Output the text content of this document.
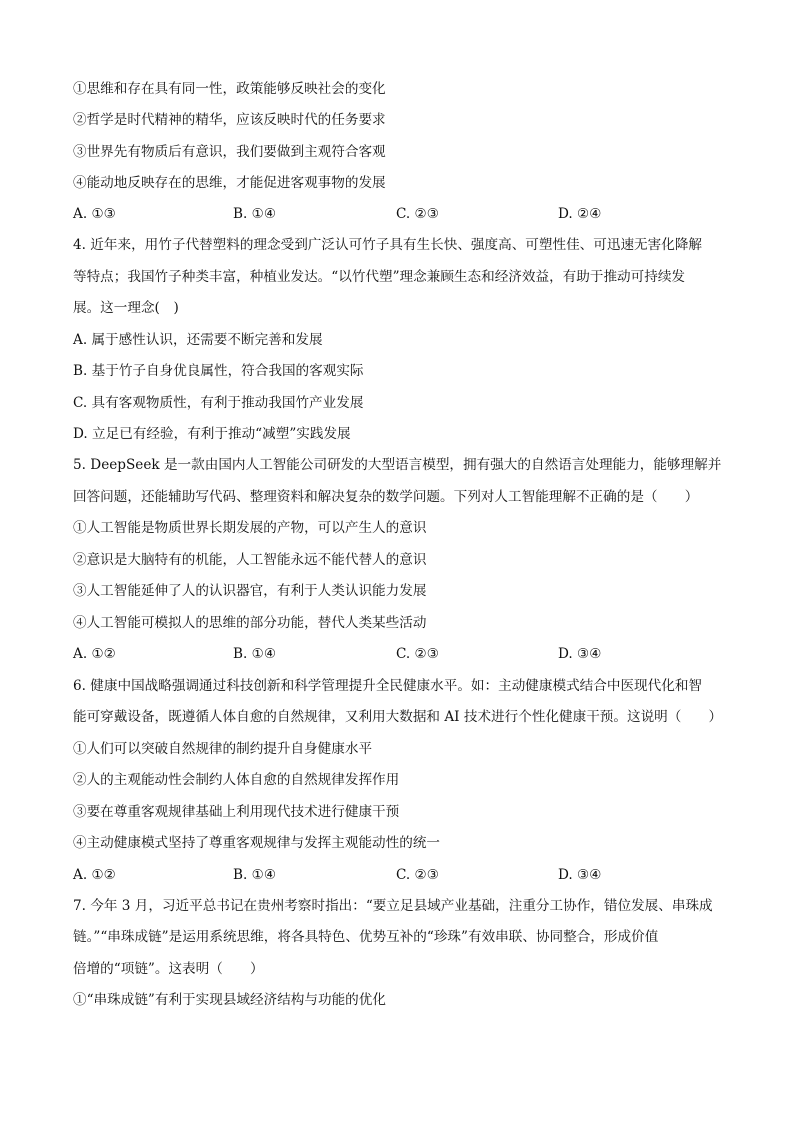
①思维和存在具有同一性，政策能够反映社会的变化
②哲学是时代精神的精华，应该反映时代的任务要求
③世界先有物质后有意识，我们要做到主观符合客观
④能动地反映存在的思维，才能促进客观事物的发展
A. ①③	B. ①④	C. ②③	D. ②④
4. 近年来，用竹子代替塑料的理念受到广泛认可竹子具有生长快、强度高、可塑性佳、可迅速无害化降解
等特点；我国竹子种类丰富，种植业发达。“以竹代塑”理念兼顾生态和经济效益，有助于推动可持续发
展。这一理念(　)
A. 属于感性认识，还需要不断完善和发展
B. 基于竹子自身优良属性，符合我国的客观实际
C. 具有客观物质性，有利于推动我国竹产业发展
D. 立足已有经验，有利于推动“减塑”实践发展
5. DeepSeek 是一款由国内人工智能公司研发的大型语言模型，拥有强大的自然语言处理能力，能够理解并
回答问题，还能辅助写代码、整理资料和解决复杂的数学问题。下列对人工智能理解不正确的是（　　）
①人工智能是物质世界长期发展的产物，可以产生人的意识
②意识是大脑特有的机能，人工智能永远不能代替人的意识
③人工智能延伸了人的认识器官，有利于人类认识能力发展
④人工智能可模拟人的思维的部分功能，替代人类某些活动
A. ①②	B. ①④	C. ②③	D. ③④
6. 健康中国战略强调通过科技创新和科学管理提升全民健康水平。如：主动健康模式结合中医现代化和智
能可穿戴设备，既遵循人体自愈的自然规律，又利用大数据和 AI 技术进行个性化健康干预。这说明（　　）
①人们可以突破自然规律的制约提升自身健康水平
②人的主观能动性会制约人体自愈的自然规律发挥作用
③要在尊重客观规律基础上利用现代技术进行健康干预
④主动健康模式坚持了尊重客观规律与发挥主观能动性的统一
A. ①②	B. ①④	C. ②③	D. ③④
7. 今年 3 月，习近平总书记在贵州考察时指出：“要立足县域产业基础，注重分工协作，错位发展、串珠成
链。”“串珠成链”是运用系统思维，将各具特色、优势互补的“珍珠”有效串联、协同整合，形成价值
倍增的“项链”。这表明（　　）
①“串珠成链”有利于实现县域经济结构与功能的优化
